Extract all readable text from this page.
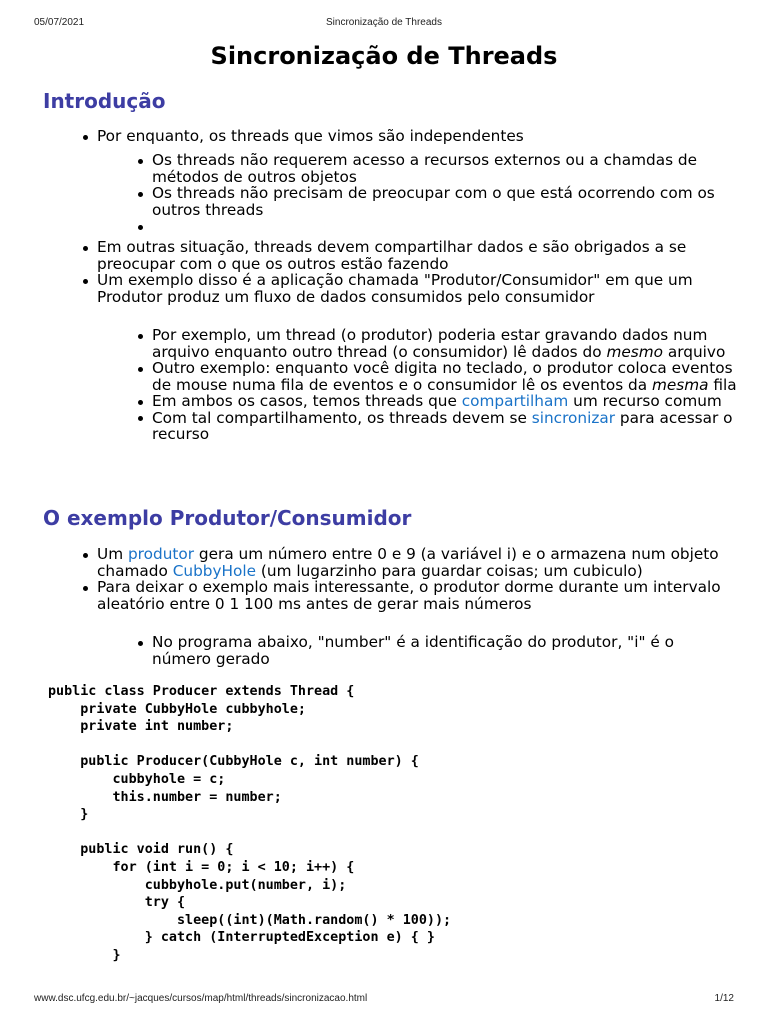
05/07/2021	Sincronização de Threads
Sincronização de Threads
Introdução
Por enquanto, os threads que vimos são independentes
Os threads não requerem acesso a recursos externos ou a chamdas de métodos de outros objetos
Os threads não precisam de preocupar com o que está ocorrendo com os outros threads
Em outras situação, threads devem compartilhar dados e são obrigados a se preocupar com o que os outros estão fazendo
Um exemplo disso é a aplicação chamada "Produtor/Consumidor" em que um Produtor produz um fluxo de dados consumidos pelo consumidor
Por exemplo, um thread (o produtor) poderia estar gravando dados num arquivo enquanto outro thread (o consumidor) lê dados do mesmo arquivo
Outro exemplo: enquanto você digita no teclado, o produtor coloca eventos de mouse numa fila de eventos e o consumidor lê os eventos da mesma fila
Em ambos os casos, temos threads que compartilham um recurso comum
Com tal compartilhamento, os threads devem se sincronizar para acessar o recurso
O exemplo Produtor/Consumidor
Um produtor gera um número entre 0 e 9 (a variável i) e o armazena num objeto chamado CubbyHole (um lugarzinho para guardar coisas; um cubiculo)
Para deixar o exemplo mais interessante, o produtor dorme durante um intervalo aleatório entre 0 1 100 ms antes de gerar mais números
No programa abaixo, "number" é a identificação do produtor, "i" é o número gerado
public class Producer extends Thread {
private CubbyHole cubbyhole;
private int number;

public Producer(CubbyHole c, int number) {
cubbyhole = c;
this.number = number;
}

public void run() {
for (int i = 0; i < 10; i++) {
cubbyhole.put(number, i);
try {
sleep((int)(Math.random() * 100));
} catch (InterruptedException e) { }
}
www.dsc.ufcg.edu.br/~jacques/cursos/map/html/threads/sincronizacao.html	1/12
